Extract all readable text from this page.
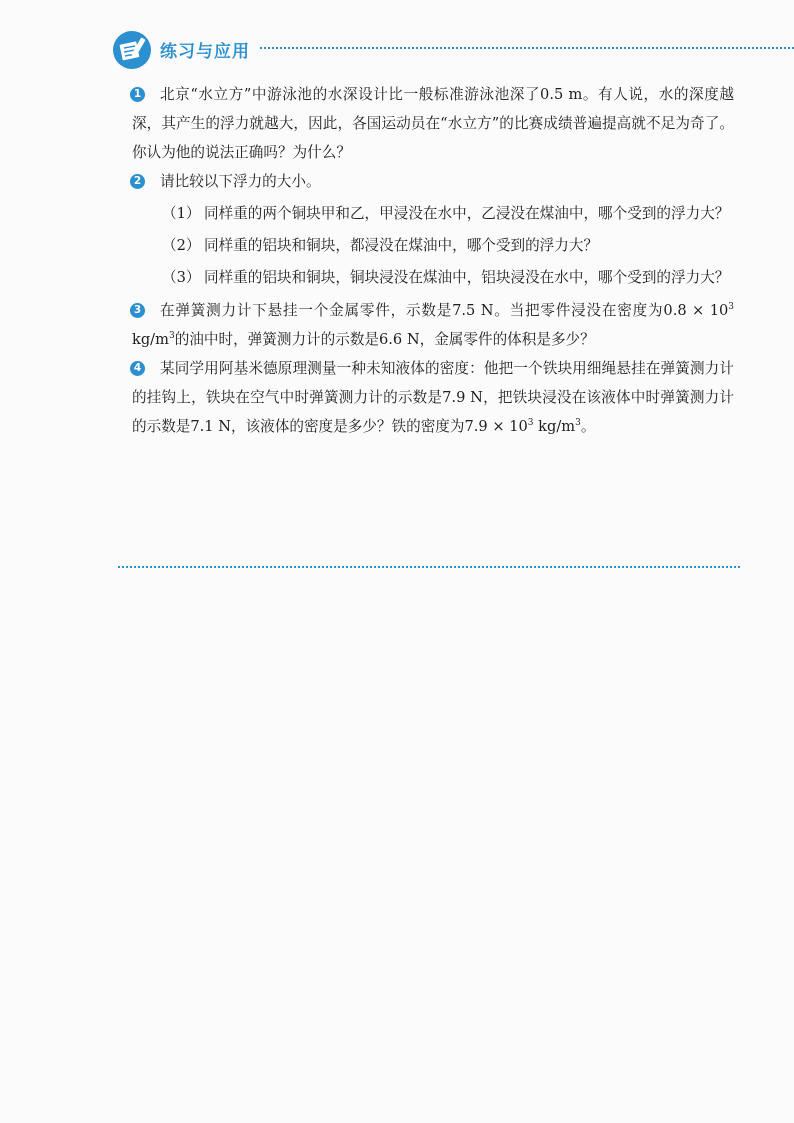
练习与应用

1	北京“水立方”中游泳池的水深设计比一般标准游泳池深了0.5 m。有人说，水的深度越深，其产生的浮力就越大，因此，各国运动员在“水立方”的比赛成绩普遍提高就不足为奇了。你认为他的说法正确吗？为什么？

2	请比较以下浮力的大小。

（1） 同样重的两个铜块甲和乙，甲浸没在水中，乙浸没在煤油中，哪个受到的浮力大？

（2） 同样重的铝块和铜块，都浸没在煤油中，哪个受到的浮力大？

（3） 同样重的铝块和铜块，铜块浸没在煤油中，铝块浸没在水中，哪个受到的浮力大？

3	在弹簧测力计下悬挂一个金属零件，示数是7.5 N。当把零件浸没在密度为$0.8 \times 10^3$ $kg/m^3$的油中时，弹簧测力计的示数是6.6 N，金属零件的体积是多少？

4	某同学用阿基米德原理测量一种未知液体的密度：他把一个铁块用细绳悬挂在弹簧测力计的挂钩上，铁块在空气中时弹簧测力计的示数是7.9 N，把铁块浸没在该液体中时弹簧测力计的示数是7.1 N，该液体的密度是多少？铁的密度为$7.9 \times 10^3$ $kg/m^3$。
